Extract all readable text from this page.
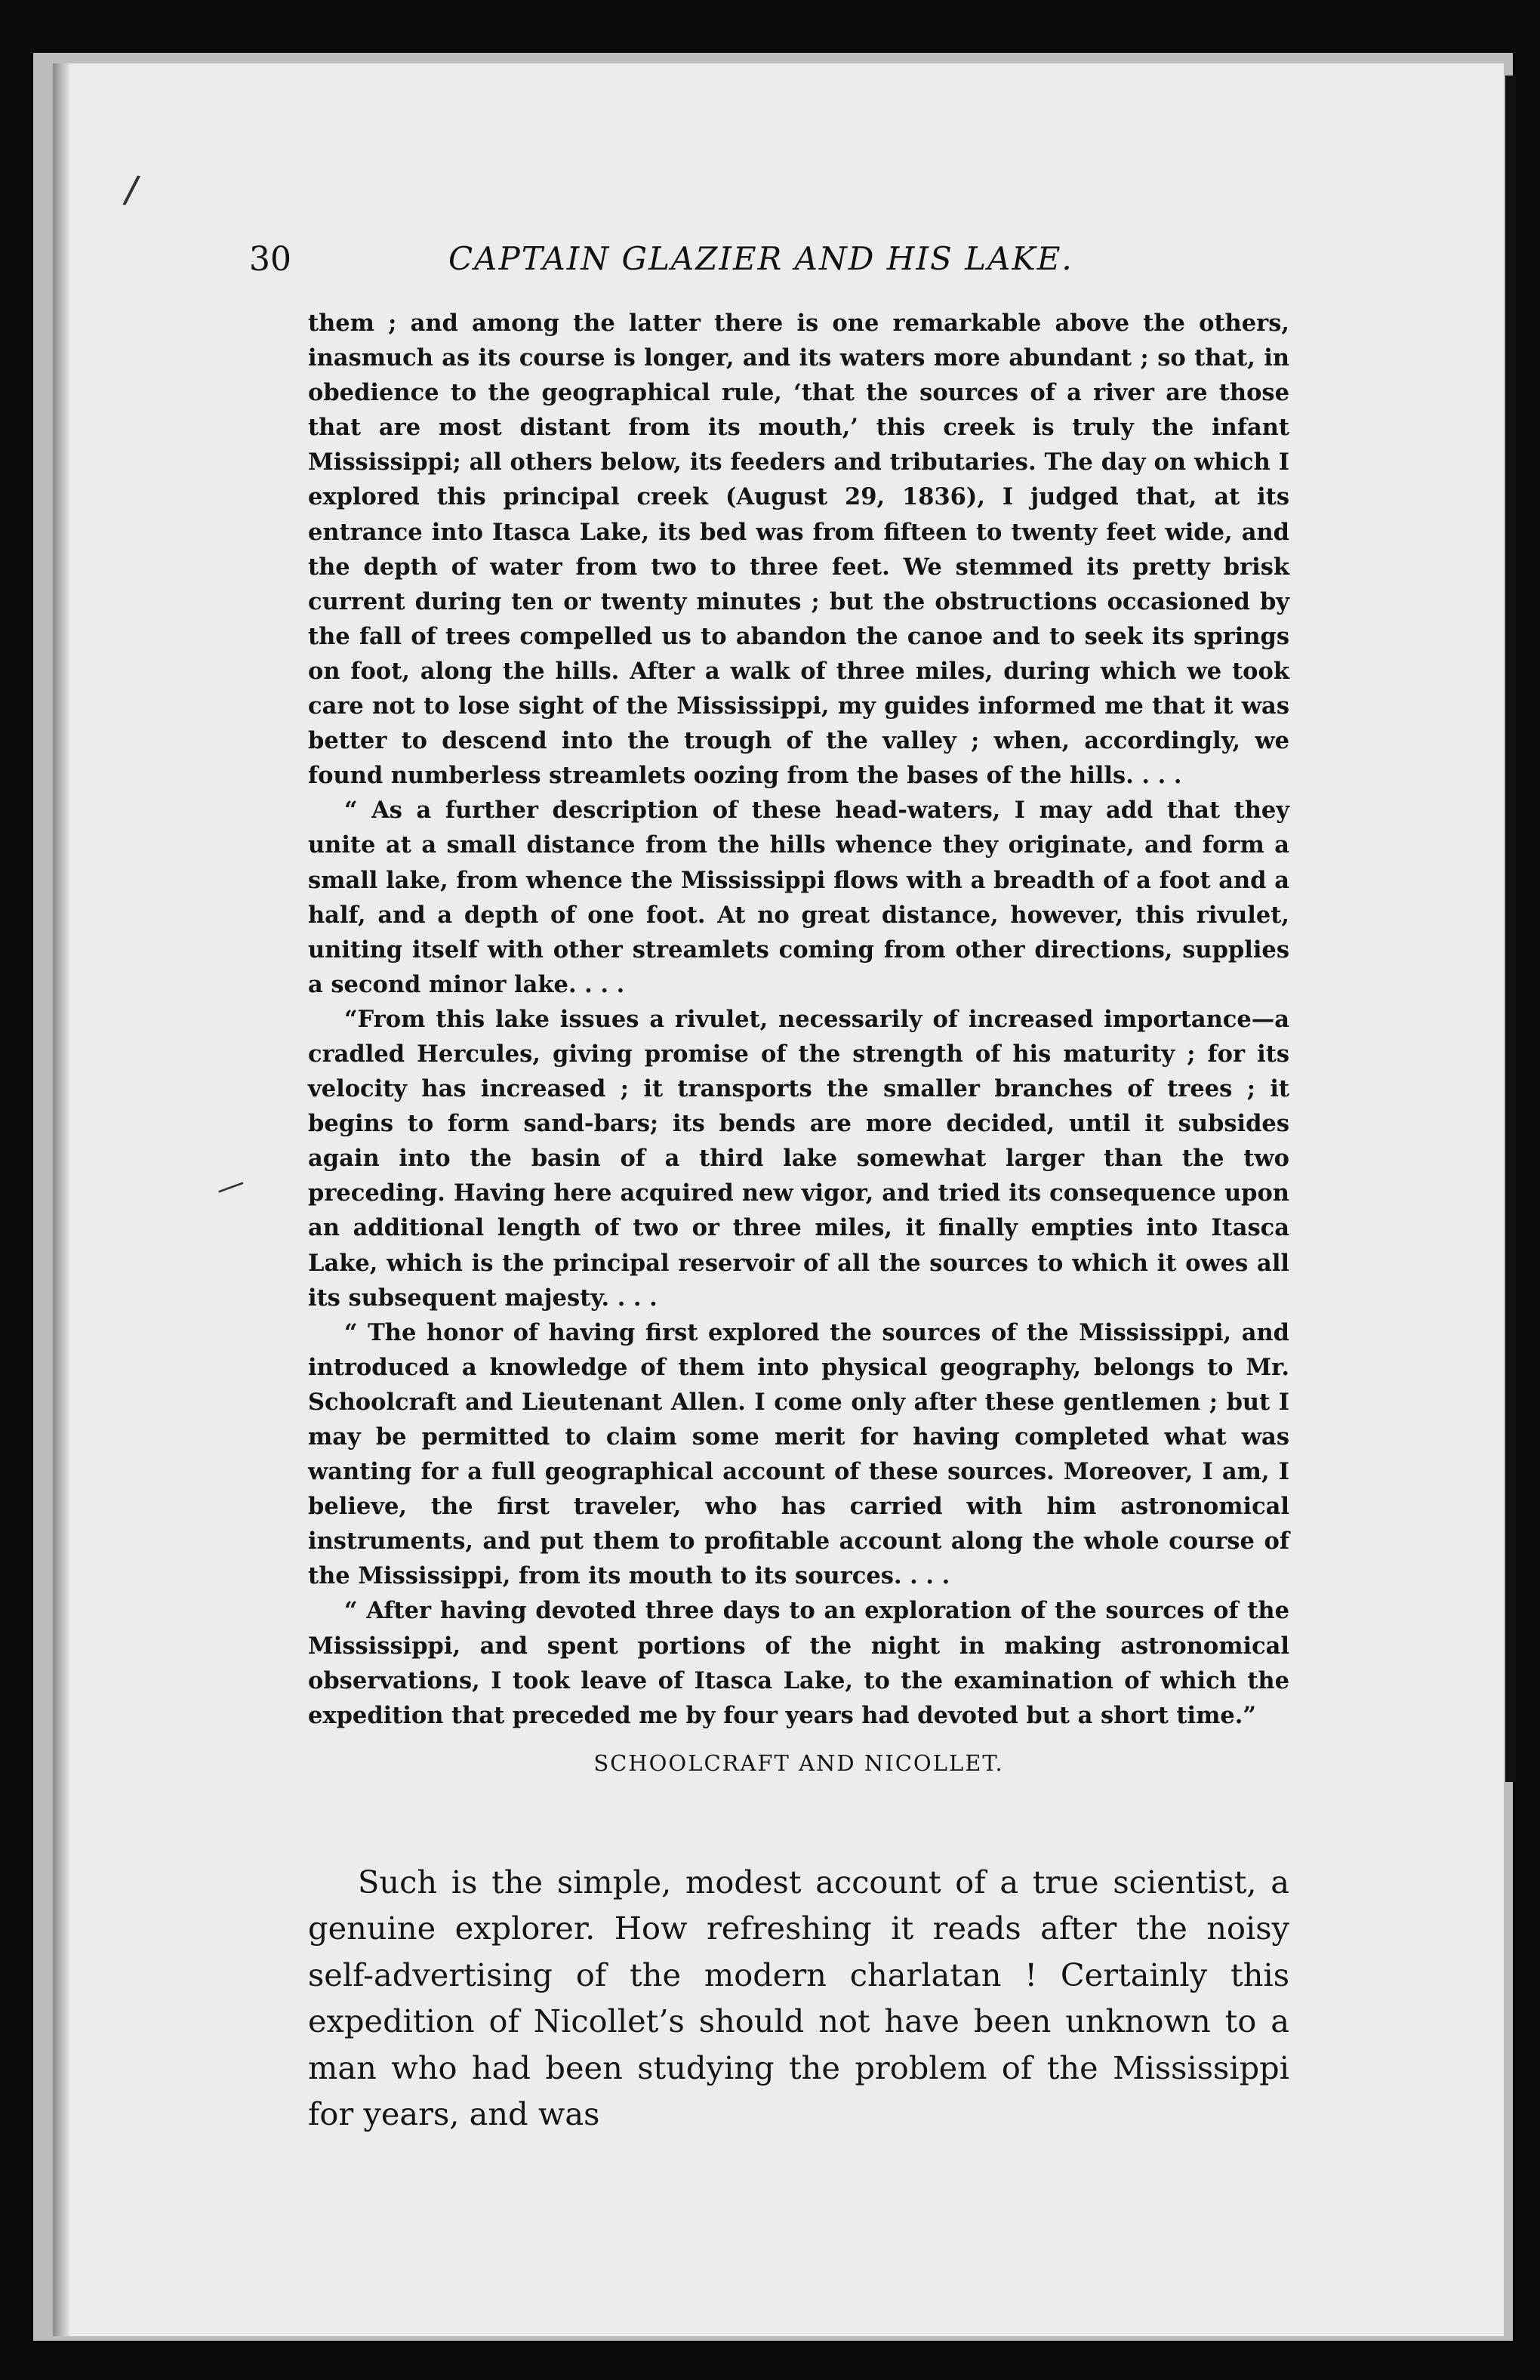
/
—
30	CAPTAIN GLAZIER AND HIS LAKE.

them ; and among the latter there is one remarkable above the others, inasmuch as its course is longer, and its waters more abundant ; so that, in obedience to the geographical rule, ‘that the sources of a river are those that are most distant from its mouth,’ this creek is truly the infant Mississippi; all others below, its feeders and tributaries. The day on which I explored this principal creek (August 29, 1836), I judged that, at its entrance into Itasca Lake, its bed was from fifteen to twenty feet wide, and the depth of water from two to three feet. We stemmed its pretty brisk current during ten or twenty minutes ; but the obstructions occasioned by the fall of trees compelled us to abandon the canoe and to seek its springs on foot, along the hills. After a walk of three miles, during which we took care not to lose sight of the Mississippi, my guides informed me that it was better to descend into the trough of the valley ; when, accordingly, we found numberless streamlets oozing from the bases of the hills. . . .

“ As a further description of these head-waters, I may add that they unite at a small distance from the hills whence they originate, and form a small lake, from whence the Mississippi flows with a breadth of a foot and a half, and a depth of one foot. At no great distance, however, this rivulet, uniting itself with other streamlets coming from other directions, supplies a second minor lake. . . .

“From this lake issues a rivulet, necessarily of increased importance—a cradled Hercules, giving promise of the strength of his maturity ; for its velocity has increased ; it transports the smaller branches of trees ; it begins to form sand-bars; its bends are more decided, until it subsides again into the basin of a third lake somewhat larger than the two preceding. Having here acquired new vigor, and tried its consequence upon an additional length of two or three miles, it finally empties into Itasca Lake, which is the principal reservoir of all the sources to which it owes all its subsequent majesty. . . .

“ The honor of having first explored the sources of the Mississippi, and introduced a knowledge of them into physical geography, belongs to Mr. Schoolcraft and Lieutenant Allen. I come only after these gentlemen ; but I may be permitted to claim some merit for having completed what was wanting for a full geographical account of these sources. Moreover, I am, I believe, the first traveler, who has carried with him astronomical instruments, and put them to profitable account along the whole course of the Mississippi, from its mouth to its sources. . . .

“ After having devoted three days to an exploration of the sources of the Mississippi, and spent portions of the night in making astronomical observations, I took leave of Itasca Lake, to the examination of which the expedition that preceded me by four years had devoted but a short time.”

SCHOOLCRAFT AND NICOLLET.

Such is the simple, modest account of a true scientist, a genuine explorer. How refreshing it reads after the noisy self-advertising of the modern charlatan ! Certainly this expedition of Nicollet’s should not have been unknown to a man who had been studying the problem of the Mississippi for years, and was
